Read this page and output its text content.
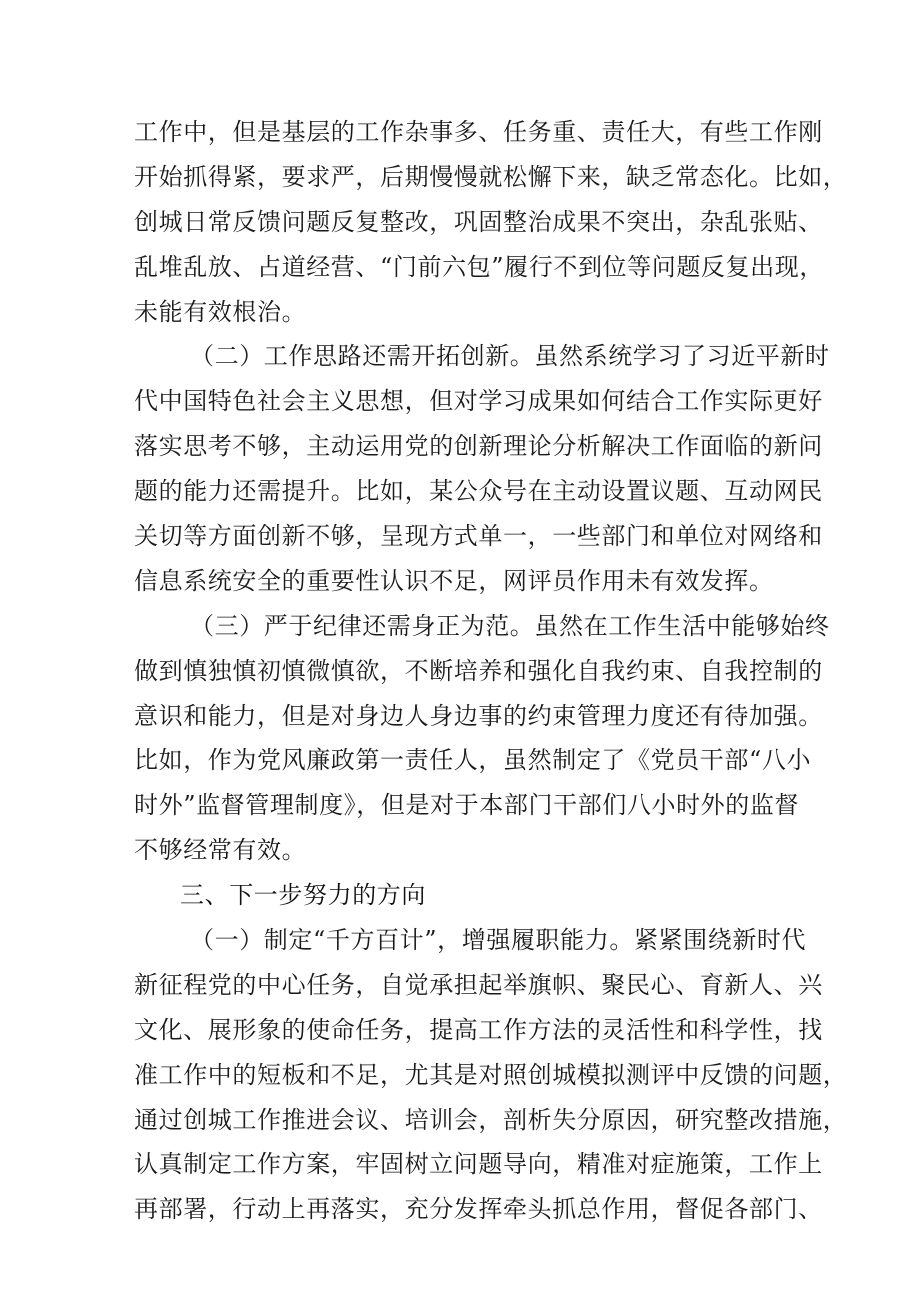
工作中，但是基层的工作杂事多、任务重、责任大，有些工作刚
开始抓得紧，要求严，后期慢慢就松懈下来，缺乏常态化。比如，
创城日常反馈问题反复整改，巩固整治成果不突出，杂乱张贴、
乱堆乱放、占道经营、“门前六包”履行不到位等问题反复出现，
未能有效根治。
（二）工作思路还需开拓创新。虽然系统学习了习近平新时
代中国特色社会主义思想，但对学习成果如何结合工作实际更好
落实思考不够，主动运用党的创新理论分析解决工作面临的新问
题的能力还需提升。比如，某公众号在主动设置议题、互动网民
关切等方面创新不够，呈现方式单一，一些部门和单位对网络和
信息系统安全的重要性认识不足，网评员作用未有效发挥。
（三）严于纪律还需身正为范。虽然在工作生活中能够始终
做到慎独慎初慎微慎欲，不断培养和强化自我约束、自我控制的
意识和能力，但是对身边人身边事的约束管理力度还有待加强。
比如，作为党风廉政第一责任人，虽然制定了《党员干部“八小
时外”监督管理制度》，但是对于本部门干部们八小时外的监督
不够经常有效。
三、下一步努力的方向
（一）制定“千方百计”，增强履职能力。紧紧围绕新时代
新征程党的中心任务，自觉承担起举旗帜、聚民心、育新人、兴
文化、展形象的使命任务，提高工作方法的灵活性和科学性，找
准工作中的短板和不足，尤其是对照创城模拟测评中反馈的问题，
通过创城工作推进会议、培训会，剖析失分原因，研究整改措施，
认真制定工作方案，牢固树立问题导向，精准对症施策，工作上
再部署，行动上再落实，充分发挥牵头抓总作用，督促各部门、
